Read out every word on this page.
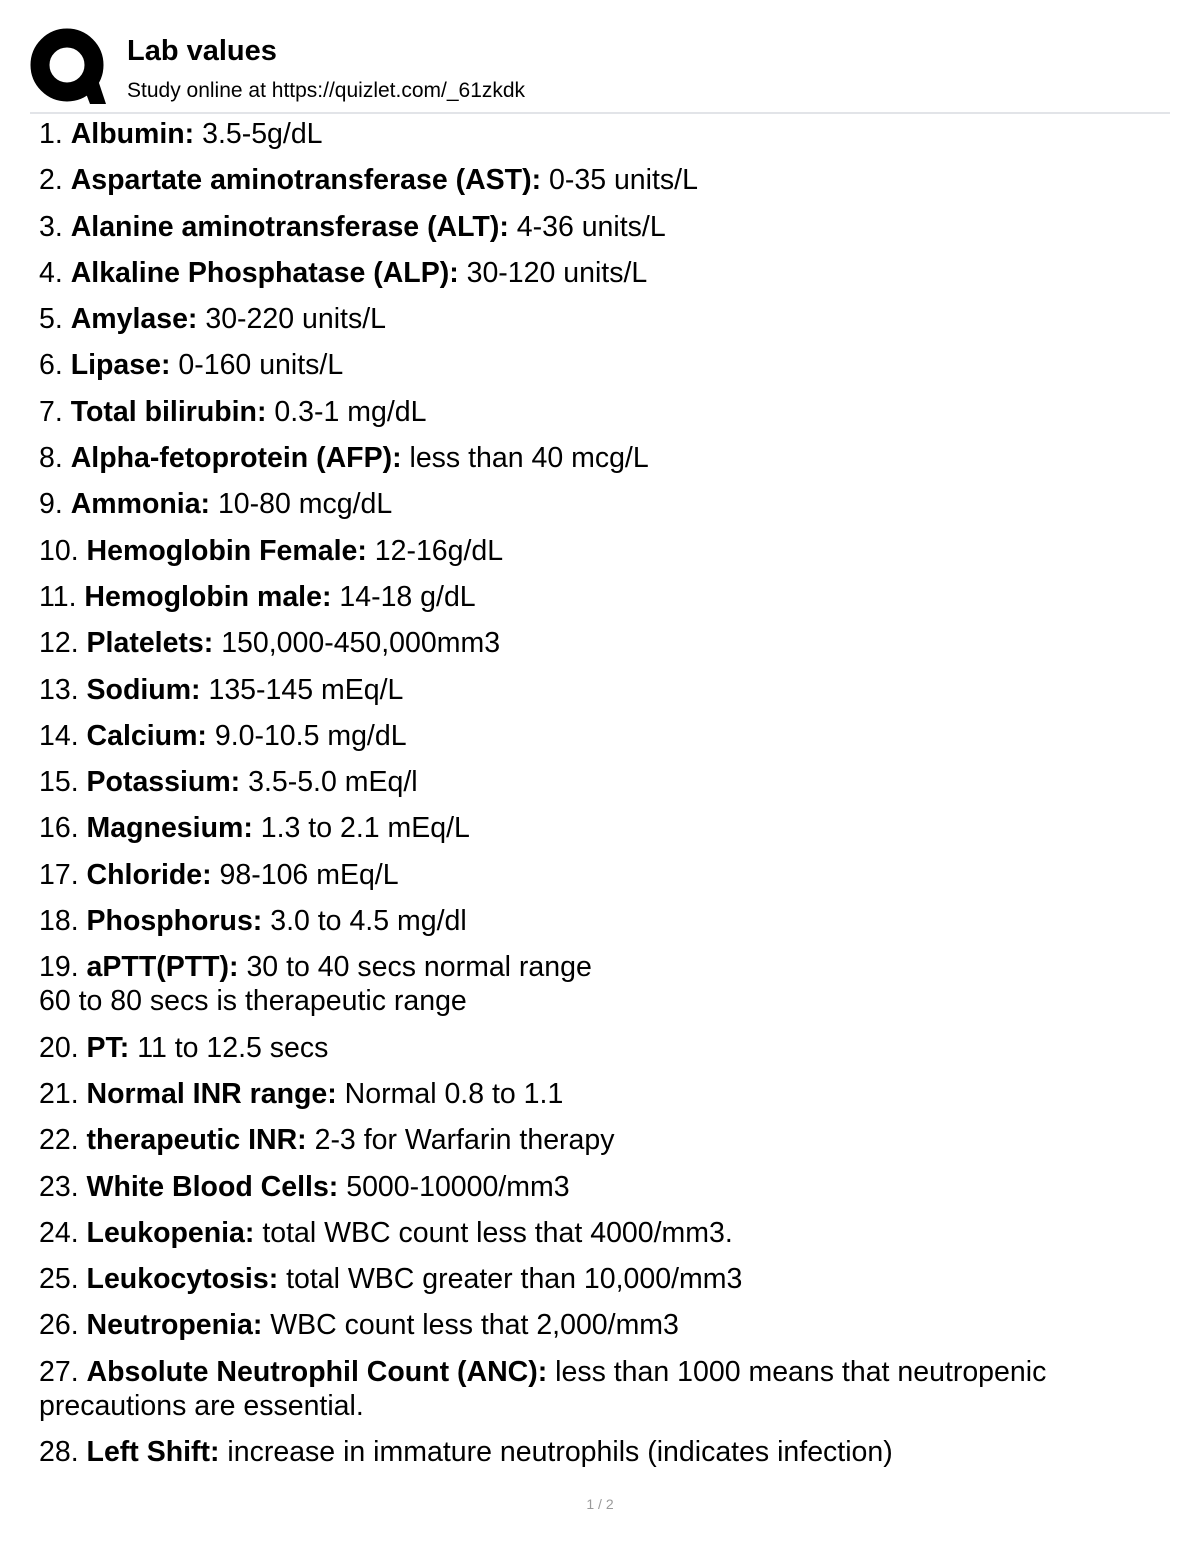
Lab values
Study online at https://quizlet.com/_61zkdk
1. Albumin: 3.5-5g/dL
2. Aspartate aminotransferase (AST): 0-35 units/L
3. Alanine aminotransferase (ALT): 4-36 units/L
4. Alkaline Phosphatase (ALP): 30-120 units/L
5. Amylase: 30-220 units/L
6. Lipase: 0-160 units/L
7. Total bilirubin: 0.3-1 mg/dL
8. Alpha-fetoprotein (AFP): less than 40 mcg/L
9. Ammonia: 10-80 mcg/dL
10. Hemoglobin Female: 12-16g/dL
11. Hemoglobin male: 14-18 g/dL
12. Platelets: 150,000-450,000mm3
13. Sodium: 135-145 mEq/L
14. Calcium: 9.0-10.5 mg/dL
15. Potassium: 3.5-5.0 mEq/l
16. Magnesium: 1.3 to 2.1 mEq/L
17. Chloride: 98-106 mEq/L
18. Phosphorus: 3.0 to 4.5 mg/dl
19. aPTT(PTT): 30 to 40 secs normal range
60 to 80 secs is therapeutic range
20. PT: 11 to 12.5 secs
21. Normal INR range: Normal 0.8 to 1.1
22. therapeutic INR: 2-3 for Warfarin therapy
23. White Blood Cells: 5000-10000/mm3
24. Leukopenia: total WBC count less that 4000/mm3.
25. Leukocytosis: total WBC greater than 10,000/mm3
26. Neutropenia: WBC count less that 2,000/mm3
27. Absolute Neutrophil Count (ANC): less than 1000 means that neutropenic precautions are essential.
28. Left Shift: increase in immature neutrophils (indicates infection)
1 / 2
